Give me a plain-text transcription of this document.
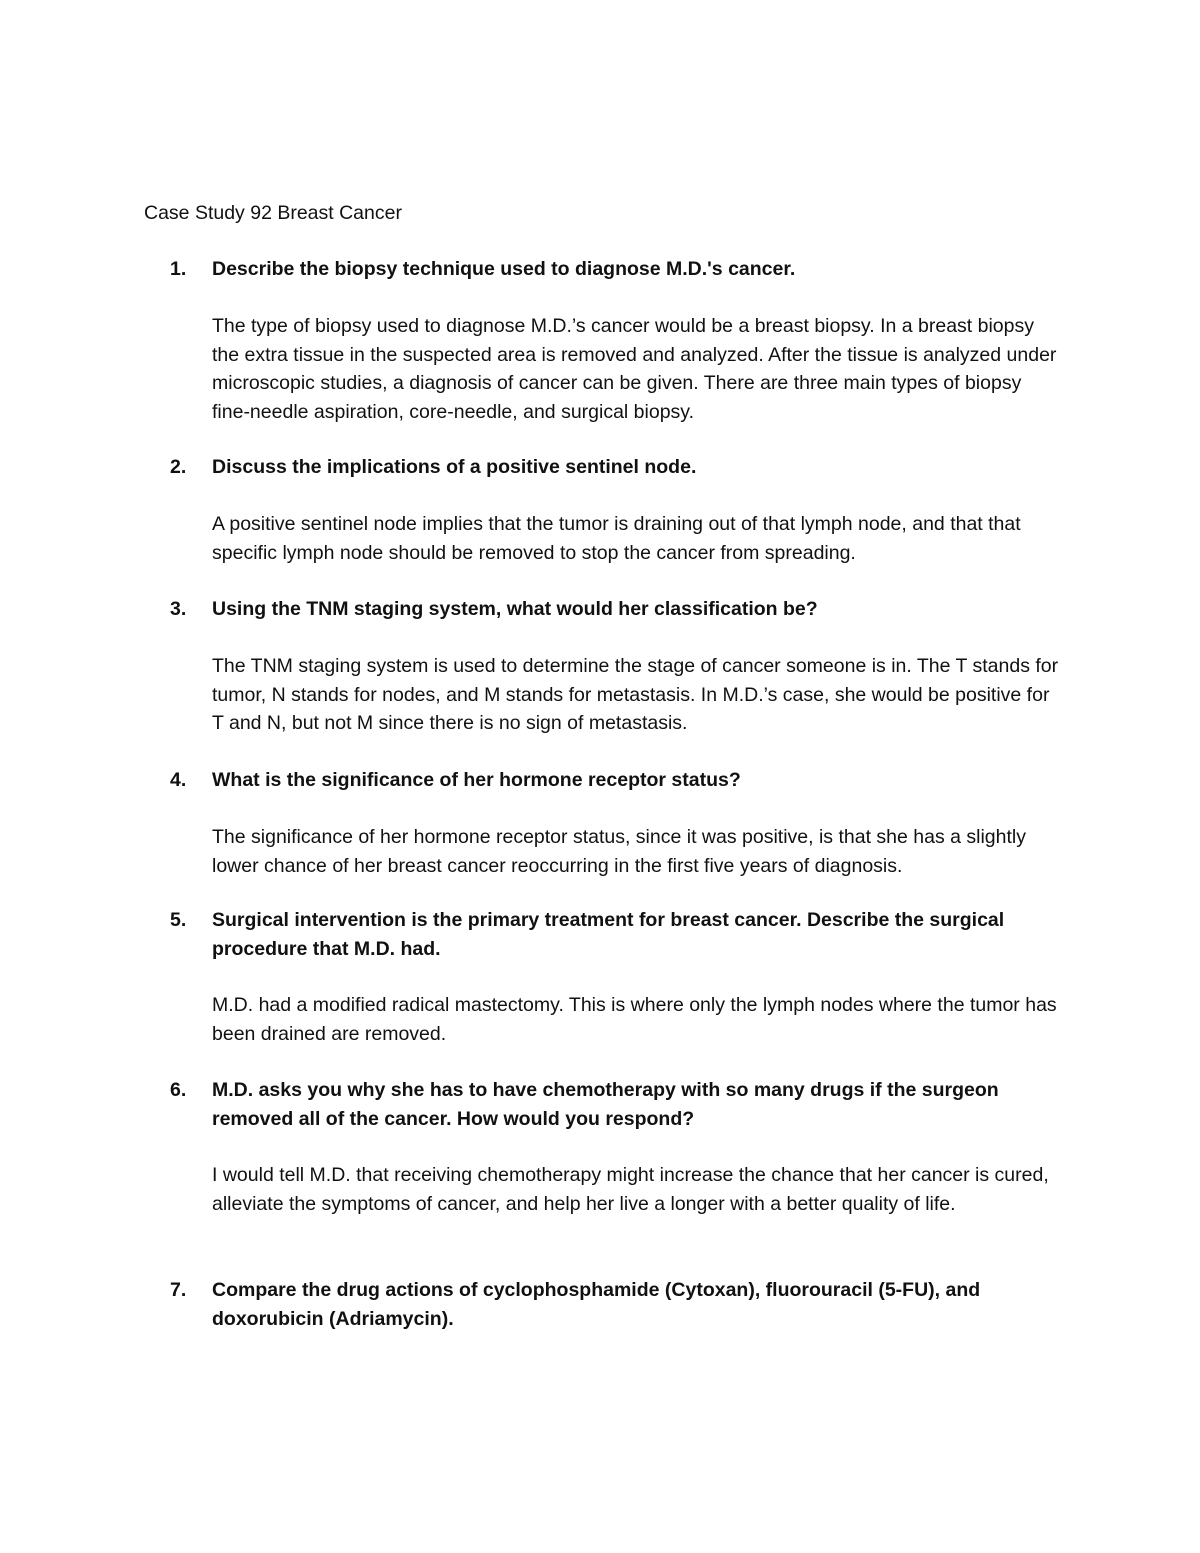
Case Study 92 Breast Cancer
1. Describe the biopsy technique used to diagnose M.D.'s cancer.

The type of biopsy used to diagnose M.D.’s cancer would be a breast biopsy. In a breast biopsy the extra tissue in the suspected area is removed and analyzed. After the tissue is analyzed under microscopic studies, a diagnosis of cancer can be given. There are three main types of biopsy fine-needle aspiration, core-needle, and surgical biopsy.

2. Discuss the implications of a positive sentinel node.

A positive sentinel node implies that the tumor is draining out of that lymph node, and that that specific lymph node should be removed to stop the cancer from spreading.

3. Using the TNM staging system, what would her classification be?

The TNM staging system is used to determine the stage of cancer someone is in. The T stands for tumor, N stands for nodes, and M stands for metastasis. In M.D.’s case, she would be positive for T and N, but not M since there is no sign of metastasis.

4. What is the significance of her hormone receptor status?

The significance of her hormone receptor status, since it was positive, is that she has a slightly lower chance of her breast cancer reoccurring in the first five years of diagnosis.

5. Surgical intervention is the primary treatment for breast cancer. Describe the surgical procedure that M.D. had.

M.D. had a modified radical mastectomy. This is where only the lymph nodes where the tumor has been drained are removed.

6. M.D. asks you why she has to have chemotherapy with so many drugs if the surgeon removed all of the cancer. How would you respond?

I would tell M.D. that receiving chemotherapy might increase the chance that her cancer is cured, alleviate the symptoms of cancer, and help her live a longer with a better quality of life.

7. Compare the drug actions of cyclophosphamide (Cytoxan), fluorouracil (5-FU), and doxorubicin (Adriamycin).
